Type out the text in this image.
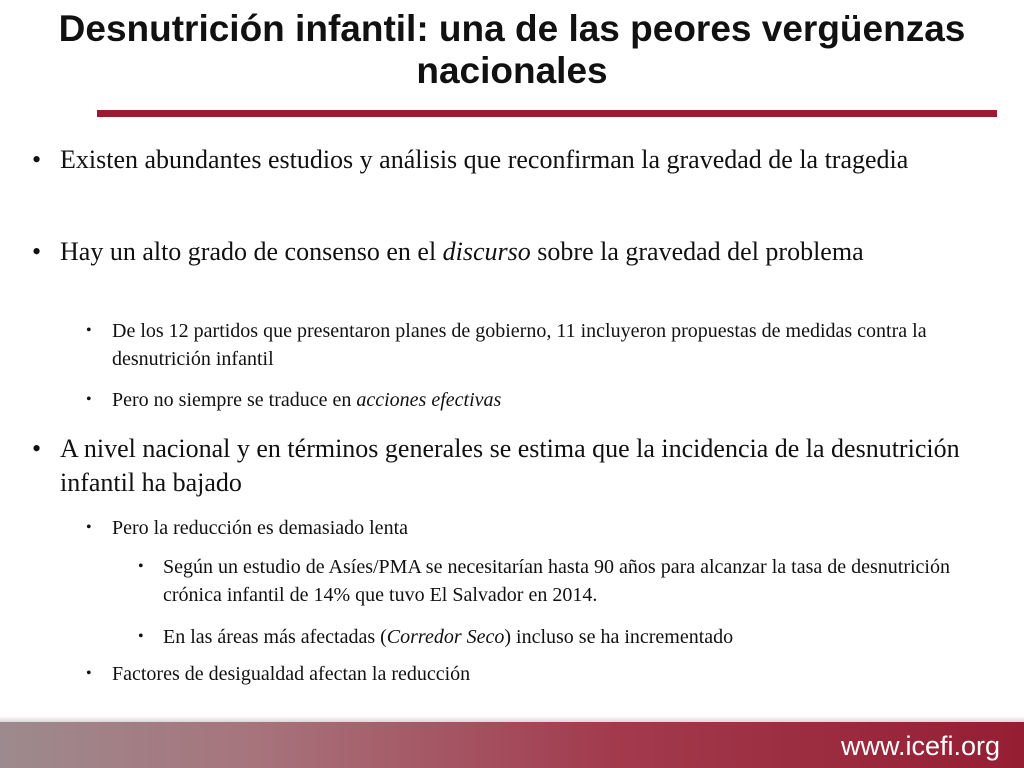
Desnutrición infantil: una de las peores vergüenzas nacionales
• Existen abundantes estudios y análisis que reconfirman la gravedad de la tragedia
• Hay un alto grado de consenso en el discurso sobre la gravedad del problema
• De los 12 partidos que presentaron planes de gobierno, 11 incluyeron propuestas de medidas contra la desnutrición infantil
• Pero no siempre se traduce en acciones efectivas
• A nivel nacional y en términos generales se estima que la incidencia de la desnutrición infantil ha bajado
• Pero la reducción es demasiado lenta
• Según un estudio de Asíes/PMA se necesitarían hasta 90 años para alcanzar la tasa de desnutrición crónica infantil de 14% que tuvo El Salvador en 2014.
• En las áreas más afectadas (Corredor Seco) incluso se ha incrementado
• Factores de desigualdad afectan la reducción
www.icefi.org
